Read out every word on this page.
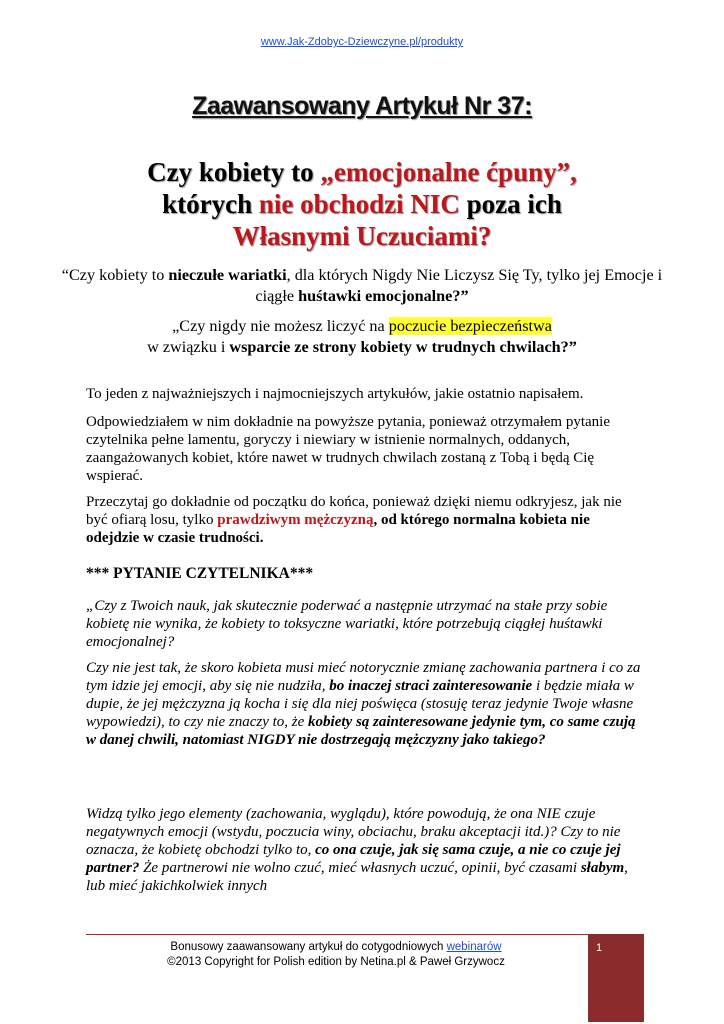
www.Jak-Zdobyc-Dziewczyne.pl/produkty
Zaawansowany Artykuł Nr 37:
Czy kobiety to „emocjonalne ćpuny”,
których nie obchodzi NIC poza ich
Własnymi Uczuciami?
“Czy kobiety to nieczułe wariatki, dla których Nigdy Nie Liczysz Się Ty, tylko jej Emocje i ciągłe huśtawki emocjonalne?”
„Czy nigdy nie możesz liczyć na poczucie bezpieczeństwa
w związku i wsparcie ze strony kobiety w trudnych chwilach?”
To jeden z najważniejszych i najmocniejszych artykułów, jakie ostatnio napisałem.
Odpowiedziałem w nim dokładnie na powyższe pytania, ponieważ otrzymałem pytanie czytelnika pełne lamentu, goryczy i niewiary w istnienie normalnych, oddanych, zaangażowanych kobiet, które nawet w trudnych chwilach zostaną z Tobą i będą Cię wspierać.
Przeczytaj go dokładnie od początku do końca, ponieważ dzięki niemu odkryjesz, jak nie być ofiarą losu, tylko prawdziwym mężczyzną, od którego normalna kobieta nie odejdzie w czasie trudności.
*** PYTANIE CZYTELNIKA***
„Czy z Twoich nauk, jak skutecznie poderwać a następnie utrzymać na stałe przy sobie kobietę nie wynika, że kobiety to toksyczne wariatki, które potrzebują ciągłej huśtawki emocjonalnej?
Czy nie jest tak, że skoro kobieta musi mieć notorycznie zmianę zachowania partnera i co za tym idzie jej emocji, aby się nie nudziła, bo inaczej straci zainteresowanie i będzie miała w dupie, że jej mężczyzna ją kocha i się dla niej poświęca (stosuję teraz jedynie Twoje własne wypowiedzi), to czy nie znaczy to, że kobiety są zainteresowane jedynie tym, co same czują w danej chwili, natomiast NIGDY nie dostrzegają mężczyzny jako takiego?
Widzą tylko jego elementy (zachowania, wyglądu), które powodują, że ona NIE czuje negatywnych emocji (wstydu, poczucia winy, obciachu, braku akceptacji itd.)? Czy to nie oznacza, że kobietę obchodzi tylko to, co ona czuje, jak się sama czuje, a nie co czuje jej partner? Że partnerowi nie wolno czuć, mieć własnych uczuć, opinii, być czasami słabym, lub mieć jakichkolwiek innych
1
Bonusowy zaawansowany artykuł do cotygodniowych webinarów
©2013 Copyright for Polish edition by Netina.pl & Paweł Grzywocz
